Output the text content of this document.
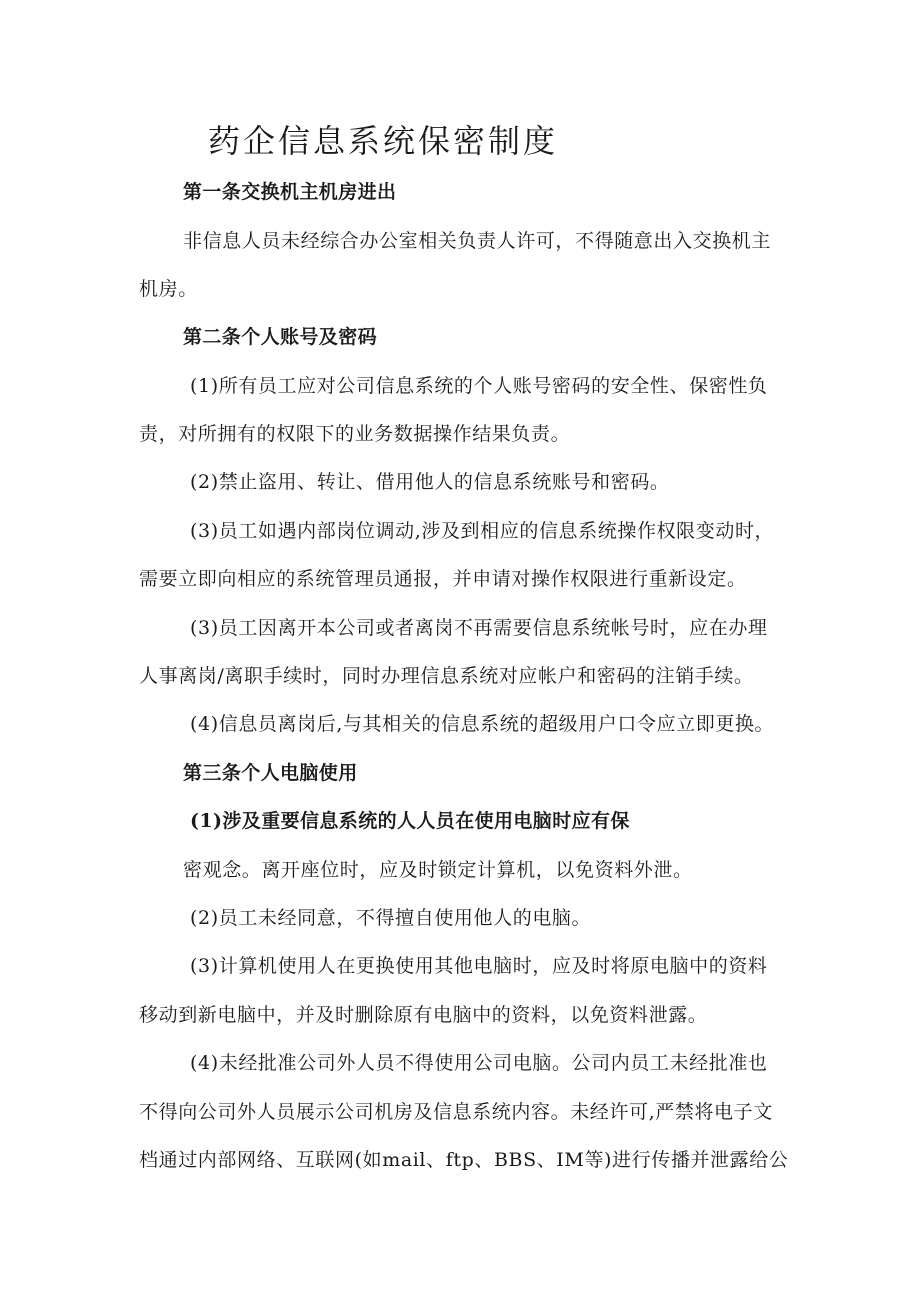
药企信息系统保密制度
第一条交换机主机房进出
非信息人员未经综合办公室相关负责人许可，不得随意出入交换机主
机房。
第二条个人账号及密码
(1)所有员工应对公司信息系统的个人账号密码的安全性、保密性负
责，对所拥有的权限下的业务数据操作结果负责。
(2)禁止盗用、转让、借用他人的信息系统账号和密码。
(3)员工如遇内部岗位调动,涉及到相应的信息系统操作权限变动时，
需要立即向相应的系统管理员通报，并申请对操作权限进行重新设定。
(3)员工因离开本公司或者离岗不再需要信息系统帐号时，应在办理
人事离岗/离职手续时，同时办理信息系统对应帐户和密码的注销手续。
(4)信息员离岗后,与其相关的信息系统的超级用户口令应立即更换。
第三条个人电脑使用
(1)涉及重要信息系统的人人员在使用电脑时应有保
密观念。离开座位时，应及时锁定计算机，以免资料外泄。
(2)员工未经同意，不得擅自使用他人的电脑。
(3)计算机使用人在更换使用其他电脑时，应及时将原电脑中的资料
移动到新电脑中，并及时删除原有电脑中的资料，以免资料泄露。
(4)未经批准公司外人员不得使用公司电脑。公司内员工未经批准也
不得向公司外人员展示公司机房及信息系统内容。未经许可,严禁将电子文
档通过内部网络、互联网(如mail、ftp、BBS、IM等)进行传播并泄露给公
